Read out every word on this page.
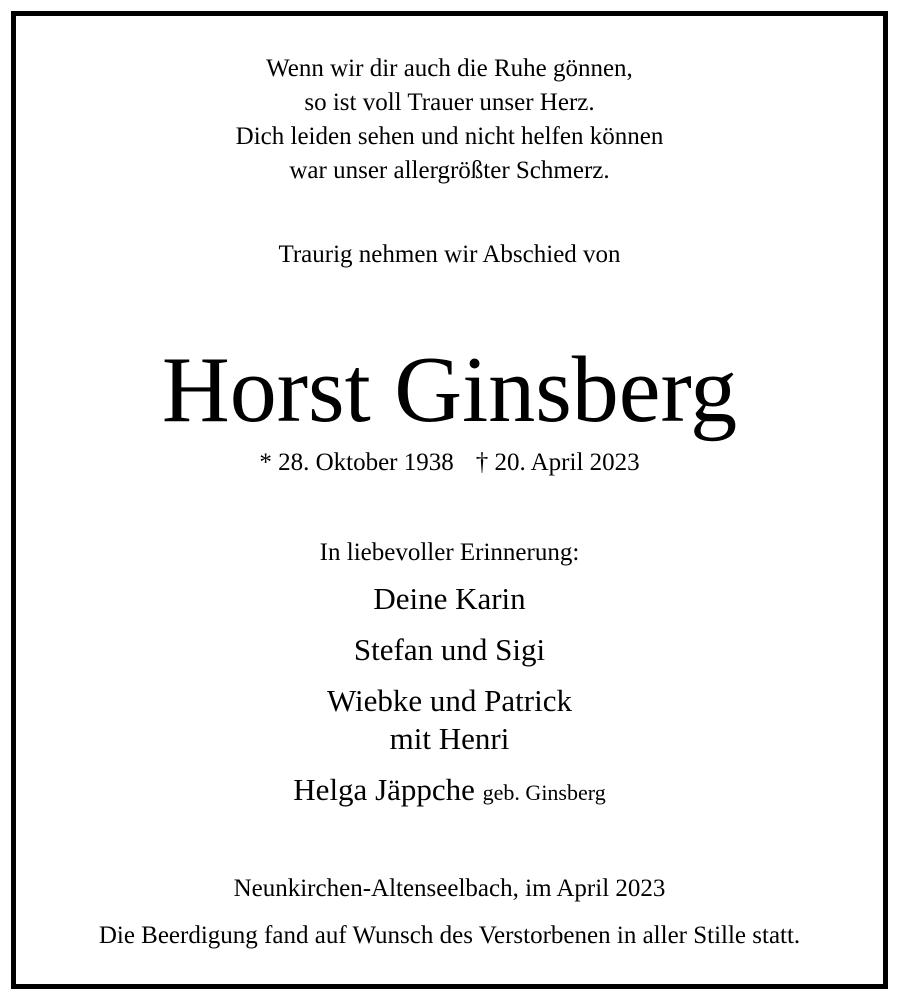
Wenn wir dir auch die Ruhe gönnen,
so ist voll Trauer unser Herz.
Dich leiden sehen und nicht helfen können
war unser allergrößter Schmerz.
Traurig nehmen wir Abschied von
Horst Ginsberg
* 28. Oktober 1938 † 20. April 2023
In liebevoller Erinnerung:
Deine Karin
Stefan und Sigi
Wiebke und Patrick
mit Henri
Helga Jäppche geb. Ginsberg
Neunkirchen-Altenseelbach, im April 2023
Die Beerdigung fand auf Wunsch des Verstorbenen in aller Stille statt.
